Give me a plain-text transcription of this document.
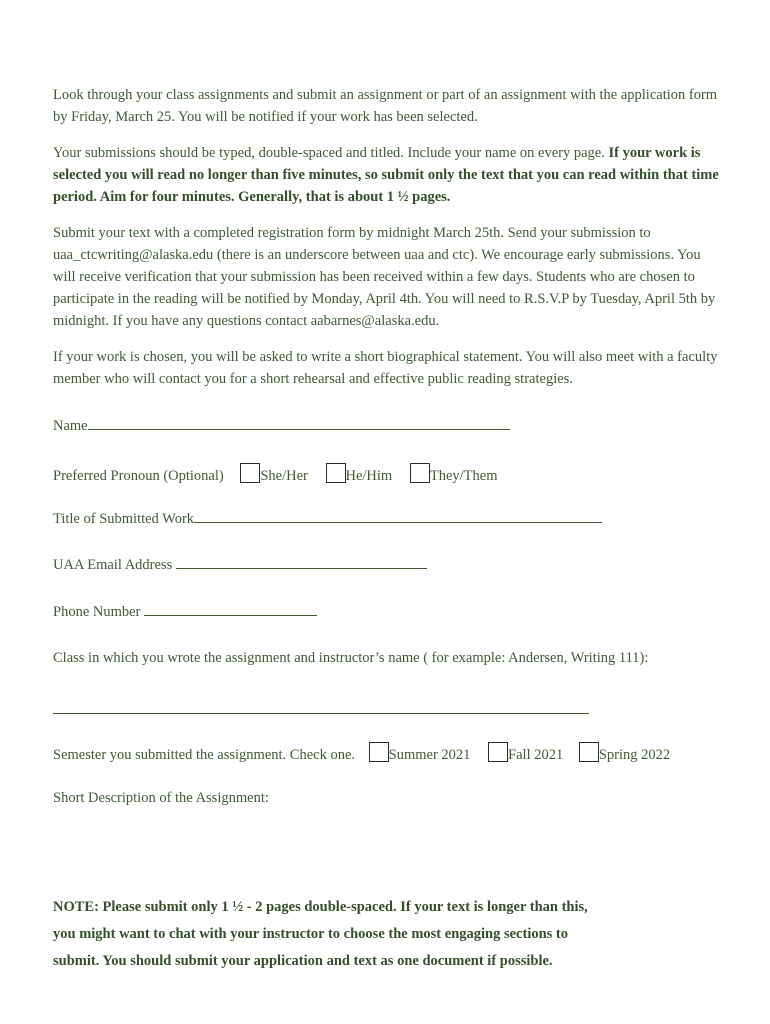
Look through your class assignments and submit an assignment or part of an assignment with the application form by Friday, March 25. You will be notified if your work has been selected.

Your submissions should be typed, double-spaced and titled. Include your name on every page. If your work is selected you will read no longer than five minutes, so submit only the text that you can read within that time period. Aim for four minutes. Generally, that is about 1 ½ pages.

Submit your text with a completed registration form by midnight March 25th. Send your submission to uaa_ctcwriting@alaska.edu (there is an underscore between uaa and ctc). We encourage early submissions. You will receive verification that your submission has been received within a few days. Students who are chosen to participate in the reading will be notified by Monday, April 4th. You will need to R.S.V.P by Tuesday, April 5th by midnight. If you have any questions contact aabarnes@alaska.edu.

If your work is chosen, you will be asked to write a short biographical statement. You will also meet with a faculty member who will contact you for a short rehearsal and effective public reading strategies.

Name
Preferred Pronoun (Optional)	She/Her	He/Him	They/Them
Title of Submitted Work
UAA Email Address
Phone Number
Class in which you wrote the assignment and instructor’s name ( for example: Andersen, Writing 111):
Semester you submitted the assignment. Check one. Summer 2021	Fall 2021 Spring 2022
Short Description of the Assignment:
NOTE: Please submit only 1 ½ - 2 pages double-spaced. If your text is longer than this,
you might want to chat with your instructor to choose the most engaging sections to
submit. You should submit your application and text as one document if possible.
